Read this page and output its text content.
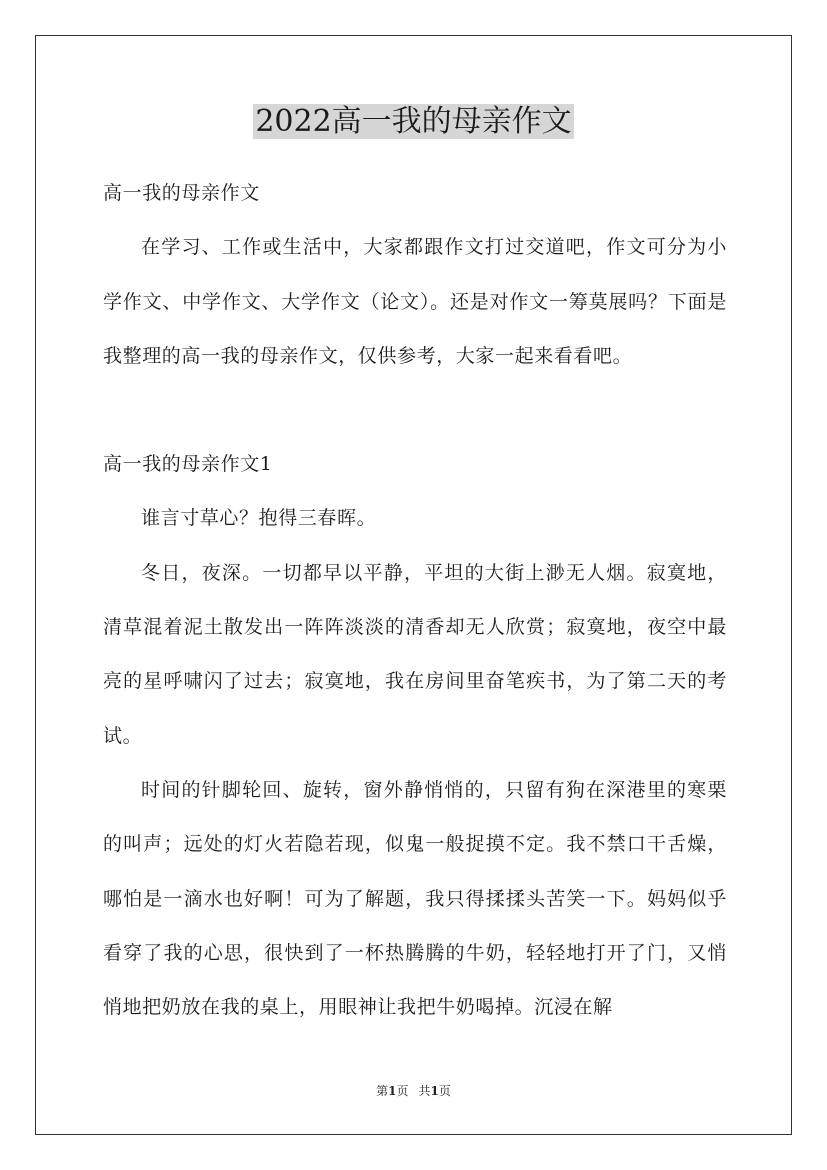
2022高一我的母亲作文

高一我的母亲作文

在学习、工作或生活中，大家都跟作文打过交道吧，作文可分为小学作文、中学作文、大学作文（论文）。还是对作文一筹莫展吗？下面是我整理的高一我的母亲作文，仅供参考，大家一起来看看吧。

高一我的母亲作文1

谁言寸草心？抱得三春晖。

冬日，夜深。一切都早以平静，平坦的大街上渺无人烟。寂寞地，清草混着泥土散发出一阵阵淡淡的清香却无人欣赏；寂寞地，夜空中最亮的星呼啸闪了过去；寂寞地，我在房间里奋笔疾书，为了第二天的考试。

时间的针脚轮回、旋转，窗外静悄悄的，只留有狗在深港里的寒栗的叫声；远处的灯火若隐若现，似鬼一般捉摸不定。我不禁口干舌燥，哪怕是一滴水也好啊！可为了解题，我只得揉揉头苦笑一下。妈妈似乎看穿了我的心思，很快到了一杯热腾腾的牛奶，轻轻地打开了门，又悄悄地把奶放在我的桌上，用眼神让我把牛奶喝掉。沉浸在解

第1页 共1页
